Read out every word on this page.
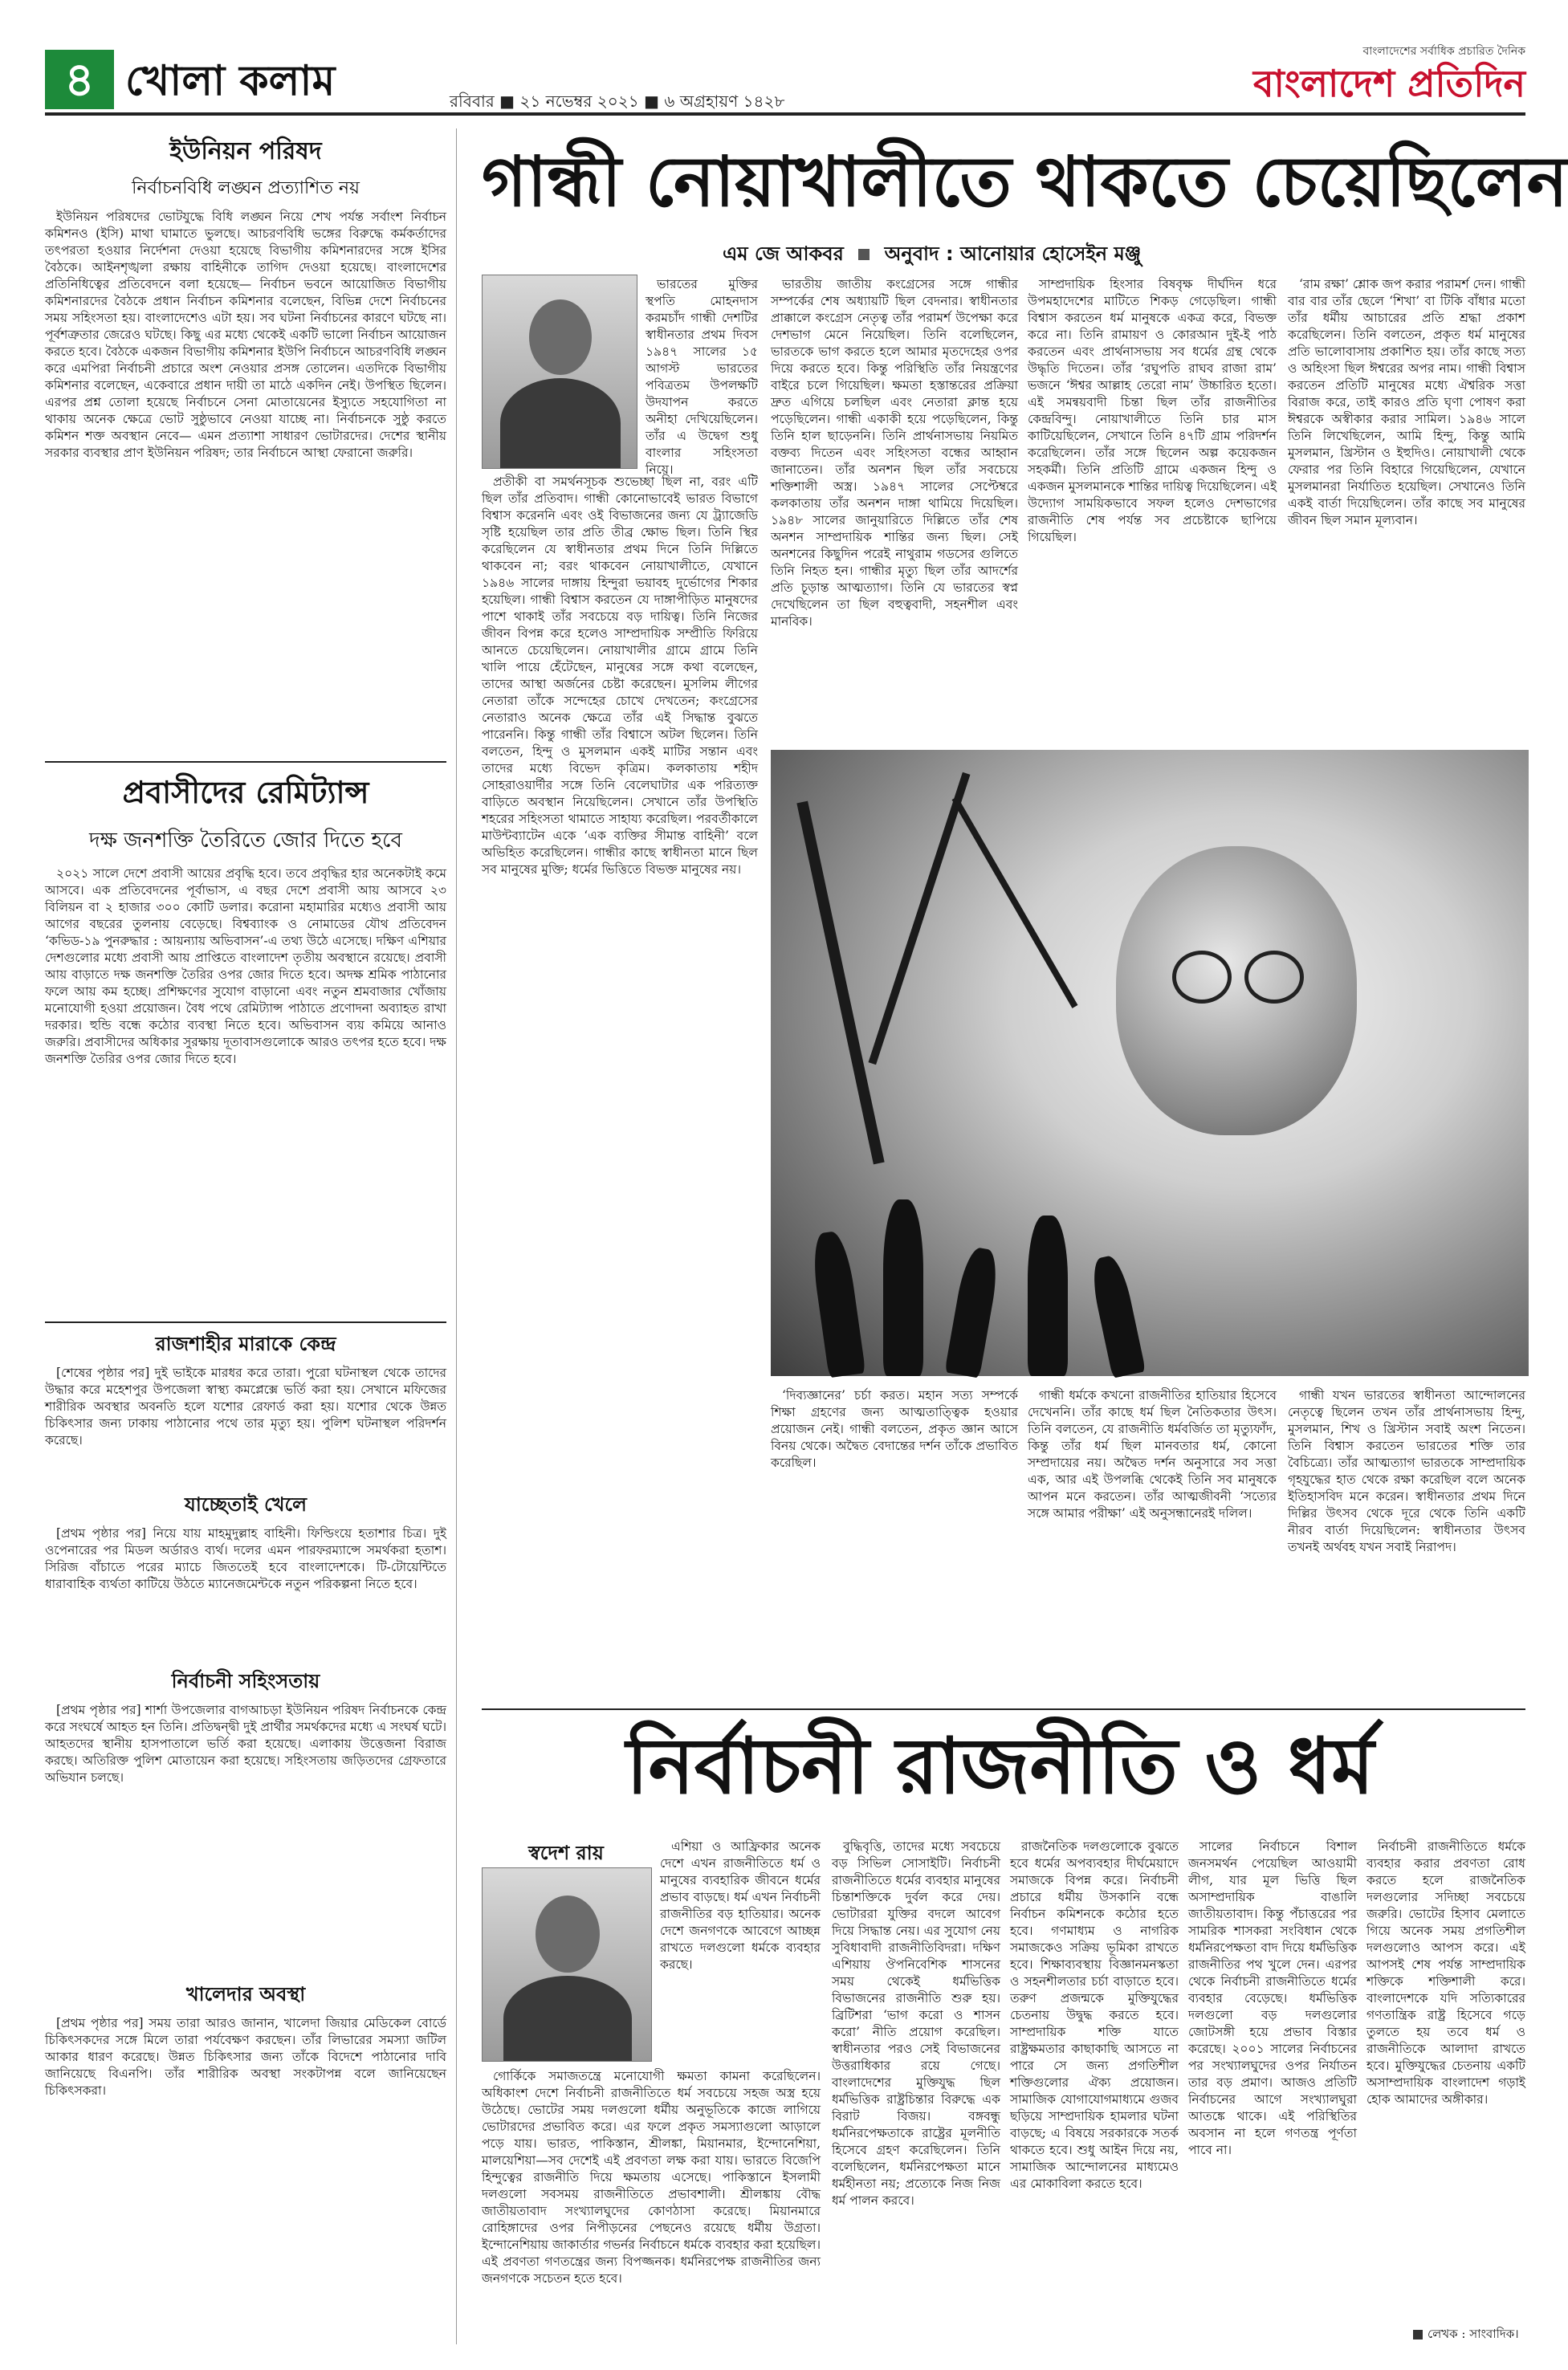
৪ খোলা কলাম	রবিবার ■ ২১ নভেম্বর ২০২১ ■ ৬ অগ্রহায়ণ ১৪২৮
বাংলাদেশের সর্বাধিক প্রচারিত দৈনিক
বাংলাদেশ প্রতিদিন
ইউনিয়ন পরিষদ
নির্বাচনবিধি লঙ্ঘন প্রত্যাশিত নয়

ইউনিয়ন পরিষদের ভোটযুদ্ধে বিধি লঙ্ঘন নিয়ে শেখ পর্যন্ত সর্বাংশ নির্বাচন কমিশনও (ইসি) মাথা ঘামাতে ভুলছে। আচরণবিধি ভঙ্গের বিরুদ্ধে কর্মকর্তাদের তৎপরতা হওয়ার নির্দেশনা দেওয়া হয়েছে বিভাগীয় কমিশনারদের সঙ্গে ইসির বৈঠকে। আইনশৃঙ্খলা রক্ষায় বাহিনীকে তাগিদ দেওয়া হয়েছে। বাংলাদেশের প্রতিনিধিত্বের প্রতিবেদনে বলা হয়েছে— নির্বাচন ভবনে আয়োজিত বিভাগীয় কমিশনারদের বৈঠকে প্রধান নির্বাচন কমিশনার বলেছেন, বিভিন্ন দেশে নির্বাচনের সময় সহিংসতা হয়। বাংলাদেশেও এটা হয়। সব ঘটনা নির্বাচনের কারণে ঘটছে না। পূর্বশত্রুতার জেরেও ঘটছে। কিছু এর মধ্যে থেকেই একটি ভালো নির্বাচন আয়োজন করতে হবে। বৈঠকে একজন বিভাগীয় কমিশনার ইউপি নির্বাচনে আচরণবিধি লঙ্ঘন করে এমপিরা নির্বাচনী প্রচারে অংশ নেওয়ার প্রসঙ্গ তোলেন। এতদিকে বিভাগীয় কমিশনার বলেছেন, একেবারে প্রধান দায়ী তা মাঠে একদিন নেই। উপস্থিত ছিলেন। এরপর প্রশ্ন তোলা হয়েছে নির্বাচনে সেনা মোতায়েনের ইস্যুতে সহযোগিতা না থাকায় অনেক ক্ষেত্রে ভোট সুষ্ঠুভাবে নেওয়া যাচ্ছে না। নির্বাচনকে সুষ্ঠু করতে কমিশন শক্ত অবস্থান নেবে— এমন প্রত্যাশা সাধারণ ভোটারদের। দেশের স্থানীয় সরকার ব্যবস্থার প্রাণ ইউনিয়ন পরিষদ; তার নির্বাচনে আস্থা ফেরানো জরুরি।

প্রবাসীদের রেমিট্যান্স
দক্ষ জনশক্তি তৈরিতে জোর দিতে হবে

২০২১ সালে দেশে প্রবাসী আয়ের প্রবৃদ্ধি হবে। তবে প্রবৃদ্ধির হার অনেকটাই কমে আসবে। এক প্রতিবেদনের পূর্বাভাস, এ বছর দেশে প্রবাসী আয় আসবে ২৩ বিলিয়ন বা ২ হাজার ৩০০ কোটি ডলার। করোনা মহামারির মধ্যেও প্রবাসী আয় আগের বছরের তুলনায় বেড়েছে। বিশ্বব্যাংক ও নোমাডের যৌথ প্রতিবেদন ‘কভিড-১৯ পুনরুদ্ধার : আয়ন্যায় অভিবাসন’-এ তথ্য উঠে এসেছে। দক্ষিণ এশিয়ার দেশগুলোর মধ্যে প্রবাসী আয় প্রাপ্তিতে বাংলাদেশ তৃতীয় অবস্থানে রয়েছে। প্রবাসী আয় বাড়াতে দক্ষ জনশক্তি তৈরির ওপর জোর দিতে হবে। অদক্ষ শ্রমিক পাঠানোর ফলে আয় কম হচ্ছে। প্রশিক্ষণের সুযোগ বাড়ানো এবং নতুন শ্রমবাজার খোঁজায় মনোযোগী হওয়া প্রয়োজন। বৈধ পথে রেমিট্যান্স পাঠাতে প্রণোদনা অব্যাহত রাখা দরকার। হুন্ডি বন্ধে কঠোর ব্যবস্থা নিতে হবে। অভিবাসন ব্যয় কমিয়ে আনাও জরুরি। প্রবাসীদের অধিকার সুরক্ষায় দূতাবাসগুলোকে আরও তৎপর হতে হবে। দক্ষ জনশক্তি তৈরির ওপর জোর দিতে হবে।

রাজশাহীর মারাকে কেন্দ্র

[শেষের পৃষ্ঠার পর] দুই ভাইকে মারধর করে তারা। পুরো ঘটনাস্থল থেকে তাদের উদ্ধার করে মহেশপুর উপজেলা স্বাস্থ্য কমপ্লেক্সে ভর্তি করা হয়। সেখানে মফিজের শারীরিক অবস্থার অবনতি হলে যশোর রেফার্ড করা হয়। যশোর থেকে উন্নত চিকিৎসার জন্য ঢাকায় পাঠানোর পথে তার মৃত্যু হয়। পুলিশ ঘটনাস্থল পরিদর্শন করেছে।

যাচ্ছেতাই খেলে

[প্রথম পৃষ্ঠার পর] নিয়ে যায় মাহমুদুল্লাহ বাহিনী। ফিল্ডিংয়ে হতাশার চিত্র। দুই ওপেনারের পর মিডল অর্ডারও ব্যর্থ। দলের এমন পারফরম্যান্সে সমর্থকরা হতাশ। সিরিজ বাঁচাতে পরের ম্যাচে জিততেই হবে বাংলাদেশকে। টি-টোয়েন্টিতে ধারাবাহিক ব্যর্থতা কাটিয়ে উঠতে ম্যানেজমেন্টকে নতুন পরিকল্পনা নিতে হবে।

নির্বাচনী সহিংসতায়

[প্রথম পৃষ্ঠার পর] শার্শা উপজেলার বাগআচড়া ইউনিয়ন পরিষদ নির্বাচনকে কেন্দ্র করে সংঘর্ষে আহত হন তিনি। প্রতিদ্বন্দ্বী দুই প্রার্থীর সমর্থকদের মধ্যে এ সংঘর্ষ ঘটে। আহতদের স্থানীয় হাসপাতালে ভর্তি করা হয়েছে। এলাকায় উত্তেজনা বিরাজ করছে। অতিরিক্ত পুলিশ মোতায়েন করা হয়েছে। সহিংসতায় জড়িতদের গ্রেফতারে অভিযান চলছে।

খালেদার অবস্থা

[প্রথম পৃষ্ঠার পর] সময় তারা আরও জানান, খালেদা জিয়ার মেডিকেল বোর্ডে চিকিৎসকদের সঙ্গে মিলে তারা পর্যবেক্ষণ করছেন। তাঁর লিভারের সমস্যা জটিল আকার ধারণ করেছে। উন্নত চিকিৎসার জন্য তাঁকে বিদেশে পাঠানোর দাবি জানিয়েছে বিএনপি। তাঁর শারীরিক অবস্থা সংকটাপন্ন বলে জানিয়েছেন চিকিৎসকরা।

গান্ধী নোয়াখালীতে থাকতে চেয়েছিলেন
এম জে আকবর অনুবাদ : আনোয়ার হোসেইন মঞ্জু

ভারতের মুক্তির স্থপতি মোহনদাস করমচাঁদ গান্ধী দেশটির স্বাধীনতার প্রথম দিবস ১৯৪৭ সালের ১৫ আগস্ট ভারতের পবিত্রতম উপলক্ষটি উদযাপন করতে অনীহা দেখিয়েছিলেন। তাঁর এ উদ্বেগ শুধু বাংলার সহিংসতা নিয়ে।

প্রতীকী বা সমর্থনসূচক শুভেচ্ছা ছিল না, বরং এটি ছিল তাঁর প্রতিবাদ। গান্ধী কোনোভাবেই ভারত বিভাগে বিশ্বাস করেননি এবং ওই বিভাজনের জন্য যে ট্র্যাজেডি সৃষ্টি হয়েছিল তার প্রতি তীব্র ক্ষোভ ছিল। তিনি স্থির করেছিলেন যে স্বাধীনতার প্রথম দিনে তিনি দিল্লিতে থাকবেন না; বরং থাকবেন নোয়াখালীতে, যেখানে ১৯৪৬ সালের দাঙ্গায় হিন্দুরা ভয়াবহ দুর্ভোগের শিকার হয়েছিল। গান্ধী বিশ্বাস করতেন যে দাঙ্গাপীড়িত মানুষদের পাশে থাকাই তাঁর সবচেয়ে বড় দায়িত্ব। তিনি নিজের জীবন বিপন্ন করে হলেও সাম্প্রদায়িক সম্প্রীতি ফিরিয়ে আনতে চেয়েছিলেন। নোয়াখালীর গ্রামে গ্রামে তিনি খালি পায়ে হেঁটেছেন, মানুষের সঙ্গে কথা বলেছেন, তাদের আস্থা অর্জনের চেষ্টা করেছেন। মুসলিম লীগের নেতারা তাঁকে সন্দেহের চোখে দেখতেন; কংগ্রেসের নেতারাও অনেক ক্ষেত্রে তাঁর এই সিদ্ধান্ত বুঝতে পারেননি। কিন্তু গান্ধী তাঁর বিশ্বাসে অটল ছিলেন। তিনি বলতেন, হিন্দু ও মুসলমান একই মাটির সন্তান এবং তাদের মধ্যে বিভেদ কৃত্রিম। কলকাতায় শহীদ সোহরাওয়ার্দীর সঙ্গে তিনি বেলেঘাটার এক পরিত্যক্ত বাড়িতে অবস্থান নিয়েছিলেন। সেখানে তাঁর উপস্থিতি শহরের সহিংসতা থামাতে সাহায্য করেছিল। পরবর্তীকালে মাউন্টব্যাটেন একে ‘এক ব্যক্তির সীমান্ত বাহিনী’ বলে অভিহিত করেছিলেন। গান্ধীর কাছে স্বাধীনতা মানে ছিল সব মানুষের মুক্তি; ধর্মের ভিত্তিতে বিভক্ত মানুষের নয়।

ভারতীয় জাতীয় কংগ্রেসের সঙ্গে গান্ধীর সম্পর্কের শেষ অধ্যায়টি ছিল বেদনার। স্বাধীনতার প্রাক্কালে কংগ্রেস নেতৃত্ব তাঁর পরামর্শ উপেক্ষা করে দেশভাগ মেনে নিয়েছিল। তিনি বলেছিলেন, ভারতকে ভাগ করতে হলে আমার মৃতদেহের ওপর দিয়ে করতে হবে। কিন্তু পরিস্থিতি তাঁর নিয়ন্ত্রণের বাইরে চলে গিয়েছিল। ক্ষমতা হস্তান্তরের প্রক্রিয়া দ্রুত এগিয়ে চলছিল এবং নেতারা ক্লান্ত হয়ে পড়েছিলেন। গান্ধী একাকী হয়ে পড়েছিলেন, কিন্তু তিনি হাল ছাড়েননি। তিনি প্রার্থনাসভায় নিয়মিত বক্তব্য দিতেন এবং সহিংসতা বন্ধের আহ্বান জানাতেন। তাঁর অনশন ছিল তাঁর সবচেয়ে শক্তিশালী অস্ত্র। ১৯৪৭ সালের সেপ্টেম্বরে কলকাতায় তাঁর অনশন দাঙ্গা থামিয়ে দিয়েছিল। ১৯৪৮ সালের জানুয়ারিতে দিল্লিতে তাঁর শেষ অনশন সাম্প্রদায়িক শান্তির জন্য ছিল। সেই অনশনের কিছুদিন পরেই নাথুরাম গডসের গুলিতে তিনি নিহত হন। গান্ধীর মৃত্যু ছিল তাঁর আদর্শের প্রতি চূড়ান্ত আত্মত্যাগ। তিনি যে ভারতের স্বপ্ন দেখেছিলেন তা ছিল বহুত্ববাদী, সহনশীল এবং মানবিক।

সাম্প্রদায়িক হিংসার বিষবৃক্ষ দীর্ঘদিন ধরে উপমহাদেশের মাটিতে শিকড় গেড়েছিল। গান্ধী বিশ্বাস করতেন ধর্ম মানুষকে একত্র করে, বিভক্ত করে না। তিনি রামায়ণ ও কোরআন দুই-ই পাঠ করতেন এবং প্রার্থনাসভায় সব ধর্মের গ্রন্থ থেকে উদ্ধৃতি দিতেন। তাঁর ‘রঘুপতি রাঘব রাজা রাম’ ভজনে ‘ঈশ্বর আল্লাহ তেরো নাম’ উচ্চারিত হতো। এই সমন্বয়বাদী চিন্তা ছিল তাঁর রাজনীতির কেন্দ্রবিন্দু। নোয়াখালীতে তিনি চার মাস কাটিয়েছিলেন, সেখানে তিনি ৪৭টি গ্রাম পরিদর্শন করেছিলেন। তাঁর সঙ্গে ছিলেন অল্প কয়েকজন সহকর্মী। তিনি প্রতিটি গ্রামে একজন হিন্দু ও একজন মুসলমানকে শান্তির দায়িত্ব দিয়েছিলেন। এই উদ্যোগ সাময়িকভাবে সফল হলেও দেশভাগের রাজনীতি শেষ পর্যন্ত সব প্রচেষ্টাকে ছাপিয়ে গিয়েছিল।

‘রাম রক্ষা’ শ্লোক জপ করার পরামর্শ দেন। গান্ধী বার বার তাঁর ছেলে ‘শিখা’ বা টিকি বাঁধার মতো তাঁর ধর্মীয় আচারের প্রতি শ্রদ্ধা প্রকাশ করেছিলেন। তিনি বলতেন, প্রকৃত ধর্ম মানুষের প্রতি ভালোবাসায় প্রকাশিত হয়। তাঁর কাছে সত্য ও অহিংসা ছিল ঈশ্বরের অপর নাম। গান্ধী বিশ্বাস করতেন প্রতিটি মানুষের মধ্যে ঐশ্বরিক সত্তা বিরাজ করে, তাই কারও প্রতি ঘৃণা পোষণ করা ঈশ্বরকে অস্বীকার করার সামিল। ১৯৪৬ সালে তিনি লিখেছিলেন, আমি হিন্দু, কিন্তু আমি মুসলমান, খ্রিস্টান ও ইহুদিও। নোয়াখালী থেকে ফেরার পর তিনি বিহারে গিয়েছিলেন, যেখানে মুসলমানরা নির্যাতিত হয়েছিল। সেখানেও তিনি একই বার্তা দিয়েছিলেন। তাঁর কাছে সব মানুষের জীবন ছিল সমান মূল্যবান।

‘দিব্যজ্ঞানের’ চর্চা করত। মহান সত্য সম্পর্কে শিক্ষা গ্রহণের জন্য আত্মতাত্ত্বিক হওয়ার প্রয়োজন নেই। গান্ধী বলতেন, প্রকৃত জ্ঞান আসে বিনয় থেকে। অদ্বৈত বেদান্তের দর্শন তাঁকে প্রভাবিত করেছিল।

গান্ধী ধর্মকে কখনো রাজনীতির হাতিয়ার হিসেবে দেখেননি। তাঁর কাছে ধর্ম ছিল নৈতিকতার উৎস। তিনি বলতেন, যে রাজনীতি ধর্মবর্জিত তা মৃত্যুফাঁদ, কিন্তু তাঁর ধর্ম ছিল মানবতার ধর্ম, কোনো সম্প্রদায়ের নয়। অদ্বৈত দর্শন অনুসারে সব সত্তা এক, আর এই উপলব্ধি থেকেই তিনি সব মানুষকে আপন মনে করতেন। তাঁর আত্মজীবনী ‘সত্যের সঙ্গে আমার পরীক্ষা’ এই অনুসন্ধানেরই দলিল।

গান্ধী যখন ভারতের স্বাধীনতা আন্দোলনের নেতৃত্বে ছিলেন তখন তাঁর প্রার্থনাসভায় হিন্দু, মুসলমান, শিখ ও খ্রিস্টান সবাই অংশ নিতেন। তিনি বিশ্বাস করতেন ভারতের শক্তি তার বৈচিত্র্যে। তাঁর আত্মত্যাগ ভারতকে সাম্প্রদায়িক গৃহযুদ্ধের হাত থেকে রক্ষা করেছিল বলে অনেক ইতিহাসবিদ মনে করেন। স্বাধীনতার প্রথম দিনে দিল্লির উৎসব থেকে দূরে থেকে তিনি একটি নীরব বার্তা দিয়েছিলেন: স্বাধীনতার উৎসব তখনই অর্থবহ যখন সবাই নিরাপদ।

নির্বাচনী রাজনীতি ও ধর্ম
স্বদেশ রায়	এশিয়া ও আফ্রিকার অনেক দেশে এখন রাজনীতিতে ধর্ম ও মানুষের ব্যবহারিক জীবনে ধর্মের প্রভাব বাড়ছে। ধর্ম এখন নির্বাচনী রাজনীতির বড় হাতিয়ার। অনেক দেশে জনগণকে আবেগে আচ্ছন্ন রাখতে দলগুলো ধর্মকে ব্যবহার করছে।

গোর্কিকে সমাজতন্ত্রে মনোযোগী ক্ষমতা কামনা করেছিলেন। অধিকাংশ দেশে নির্বাচনী রাজনীতিতে ধর্ম সবচেয়ে সহজ অস্ত্র হয়ে উঠেছে। ভোটের সময় দলগুলো ধর্মীয় অনুভূতিকে কাজে লাগিয়ে ভোটারদের প্রভাবিত করে। এর ফলে প্রকৃত সমস্যাগুলো আড়ালে পড়ে যায়। ভারত, পাকিস্তান, শ্রীলঙ্কা, মিয়ানমার, ইন্দোনেশিয়া, মালয়েশিয়া—সব দেশেই এই প্রবণতা লক্ষ করা যায়। ভারতে বিজেপি হিন্দুত্বের রাজনীতি দিয়ে ক্ষমতায় এসেছে। পাকিস্তানে ইসলামী দলগুলো সবসময় রাজনীতিতে প্রভাবশালী। শ্রীলঙ্কায় বৌদ্ধ জাতীয়তাবাদ সংখ্যালঘুদের কোণঠাসা করেছে। মিয়ানমারে রোহিঙ্গাদের ওপর নিপীড়নের পেছনেও রয়েছে ধর্মীয় উগ্রতা। ইন্দোনেশিয়ায় জাকার্তার গভর্নর নির্বাচনে ধর্মকে ব্যবহার করা হয়েছিল। এই প্রবণতা গণতন্ত্রের জন্য বিপজ্জনক। ধর্মনিরপেক্ষ রাজনীতির জন্য জনগণকে সচেতন হতে হবে।

বুদ্ধিবৃত্তি, তাদের মধ্যে সবচেয়ে বড় সিভিল সোসাইটি। নির্বাচনী রাজনীতিতে ধর্মের ব্যবহার মানুষের চিন্তাশক্তিকে দুর্বল করে দেয়। ভোটাররা যুক্তির বদলে আবেগ দিয়ে সিদ্ধান্ত নেয়। এর সুযোগ নেয় সুবিধাবাদী রাজনীতিবিদরা। দক্ষিণ এশিয়ায় ঔপনিবেশিক শাসনের সময় থেকেই ধর্মভিত্তিক বিভাজনের রাজনীতি শুরু হয়। ব্রিটিশরা ‘ভাগ করো ও শাসন করো’ নীতি প্রয়োগ করেছিল। স্বাধীনতার পরও সেই বিভাজনের উত্তরাধিকার রয়ে গেছে। বাংলাদেশের মুক্তিযুদ্ধ ছিল ধর্মভিত্তিক রাষ্ট্রচিন্তার বিরুদ্ধে এক বিরাট বিজয়। বঙ্গবন্ধু ধর্মনিরপেক্ষতাকে রাষ্ট্রের মূলনীতি হিসেবে গ্রহণ করেছিলেন। তিনি বলেছিলেন, ধর্মনিরপেক্ষতা মানে ধর্মহীনতা নয়; প্রত্যেকে নিজ নিজ ধর্ম পালন করবে।

রাজনৈতিক দলগুলোকে বুঝতে হবে ধর্মের অপব্যবহার দীর্ঘমেয়াদে সমাজকে বিপন্ন করে। নির্বাচনী প্রচারে ধর্মীয় উসকানি বন্ধে নির্বাচন কমিশনকে কঠোর হতে হবে। গণমাধ্যম ও নাগরিক সমাজকেও সক্রিয় ভূমিকা রাখতে হবে। শিক্ষাব্যবস্থায় বিজ্ঞানমনস্কতা ও সহনশীলতার চর্চা বাড়াতে হবে। তরুণ প্রজন্মকে মুক্তিযুদ্ধের চেতনায় উদ্বুদ্ধ করতে হবে। সাম্প্রদায়িক শক্তি যাতে রাষ্ট্রক্ষমতার কাছাকাছি আসতে না পারে সে জন্য প্রগতিশীল শক্তিগুলোর ঐক্য প্রয়োজন। সামাজিক যোগাযোগমাধ্যমে গুজব ছড়িয়ে সাম্প্রদায়িক হামলার ঘটনা বাড়ছে; এ বিষয়ে সরকারকে সতর্ক থাকতে হবে। শুধু আইন দিয়ে নয়, সামাজিক আন্দোলনের মাধ্যমেও এর মোকাবিলা করতে হবে।

সালের নির্বাচনে বিশাল জনসমর্থন পেয়েছিল আওয়ামী লীগ, যার মূল ভিত্তি ছিল অসাম্প্রদায়িক বাঙালি জাতীয়তাবাদ। কিন্তু পঁচাত্তরের পর সামরিক শাসকরা সংবিধান থেকে ধর্মনিরপেক্ষতা বাদ দিয়ে ধর্মভিত্তিক রাজনীতির পথ খুলে দেন। এরপর থেকে নির্বাচনী রাজনীতিতে ধর্মের ব্যবহার বেড়েছে। ধর্মভিত্তিক দলগুলো বড় দলগুলোর জোটসঙ্গী হয়ে প্রভাব বিস্তার করেছে। ২০০১ সালের নির্বাচনের পর সংখ্যালঘুদের ওপর নির্যাতন তার বড় প্রমাণ। আজও প্রতিটি নির্বাচনের আগে সংখ্যালঘুরা আতঙ্কে থাকে। এই পরিস্থিতির অবসান না হলে গণতন্ত্র পূর্ণতা পাবে না।

নির্বাচনী রাজনীতিতে ধর্মকে ব্যবহার করার প্রবণতা রোধ করতে হলে রাজনৈতিক দলগুলোর সদিচ্ছা সবচেয়ে জরুরি। ভোটের হিসাব মেলাতে গিয়ে অনেক সময় প্রগতিশীল দলগুলোও আপস করে। এই আপসই শেষ পর্যন্ত সাম্প্রদায়িক শক্তিকে শক্তিশালী করে। বাংলাদেশকে যদি সত্যিকারের গণতান্ত্রিক রাষ্ট্র হিসেবে গড়ে তুলতে হয় তবে ধর্ম ও রাজনীতিকে আলাদা রাখতে হবে। মুক্তিযুদ্ধের চেতনায় একটি অসাম্প্রদায়িক বাংলাদেশ গড়াই হোক আমাদের অঙ্গীকার।

লেখক : সাংবাদিক।
